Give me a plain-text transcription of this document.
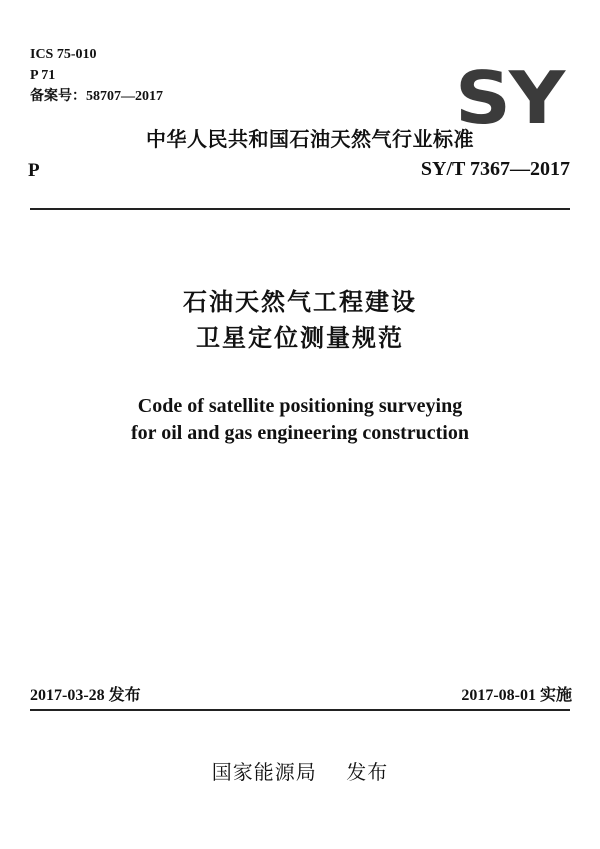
ICS 75-010
P 71
备案号：58707—2017	SY
中华人民共和国石油天然气行业标准
P	SY/T 7367—2017
石油天然气工程建设
卫星定位测量规范
Code of satellite positioning surveying
for oil and gas engineering construction
2017-03-28 发布	2017-08-01 实施
国家能源局    发布
